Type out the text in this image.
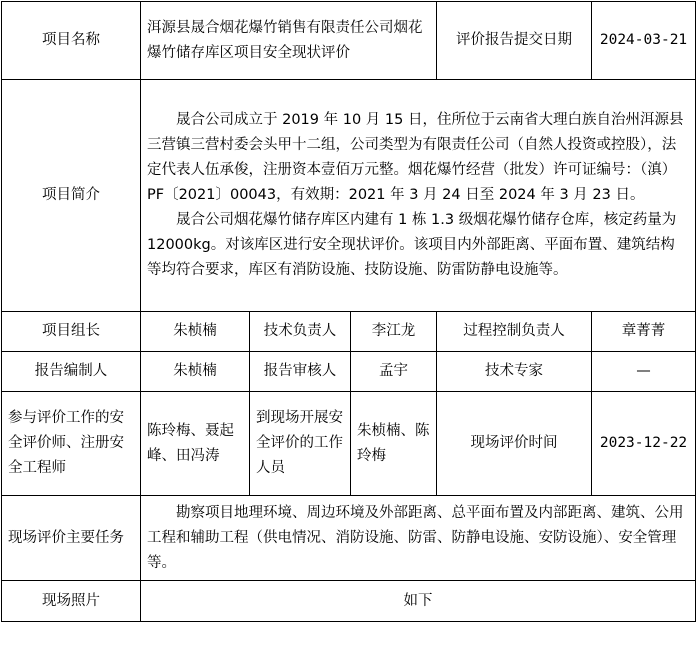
项目名称	洱源县晟合烟花爆竹销售有限责任公司烟花爆竹储存库区项目安全现状评价			评价报告提交日期	2024-03-21
项目简介	晟合公司成立于 2019 年 10 月 15 日，住所位于云南省大理白族自治州洱源县三营镇三营村委会头甲十二组，公司类型为有限责任公司（自然人投资或控股），法定代表人伍承俊，注册资本壹佰万元整。烟花爆竹经营（批发）许可证编号：（滇）PF〔2021〕00043，有效期：2021 年 3 月 24 日至 2024 年 3 月 23 日。

晟合公司烟花爆竹储存库区内建有 1 栋 1.3 级烟花爆竹储存仓库，核定药量为 12000kg。对该库区进行安全现状评价。该项目内外部距离、平面布置、建筑结构等均符合要求，库区有消防设施、技防设施、防雷防静电设施等。				

项目组长	朱桢楠	技术负责人	李江龙	过程控制负责人	章菁菁
报告编制人	朱桢楠	报告审核人	孟宇	技术专家	—
参与评价工作的安全评价师、注册安全工程师	陈玲梅、聂起峰、田冯涛	到现场开展安全评价的工作人员	朱桢楠、陈玲梅	现场评价时间	2023-12-22
现场评价主要任务	勘察项目地理环境、周边环境及外部距离、总平面布置及内部距离、建筑、公用工程和辅助工程（供电情况、消防设施、防雷、防静电设施、安防设施）、安全管理等。				

现场照片	如下				
